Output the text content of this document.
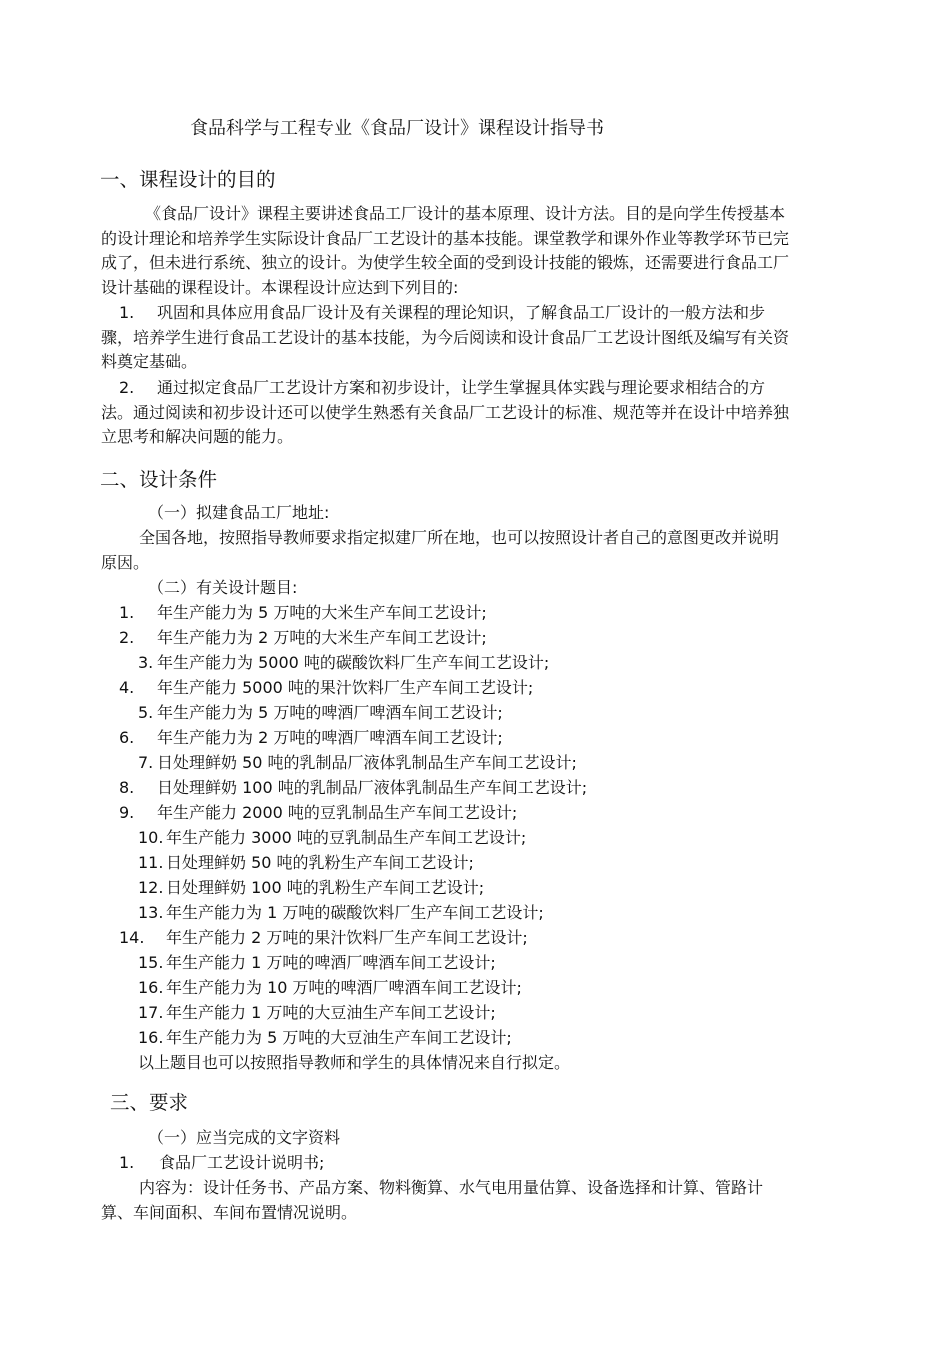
食品科学与工程专业《食品厂设计》课程设计指导书
一、课程设计的目的

《食品厂设计》课程主要讲述食品工厂设计的基本原理、设计方法。目的是向学生传授基本的设计理论和培养学生实际设计食品厂工艺设计的基本技能。课堂教学和课外作业等教学环节已完成了，但未进行系统、独立的设计。为使学生较全面的受到设计技能的锻炼，还需要进行食品工厂设计基础的课程设计。本课程设计应达到下列目的:

1. 巩固和具体应用食品厂设计及有关课程的理论知识，了解食品工厂设计的一般方法和步骤，培养学生进行食品工艺设计的基本技能，为今后阅读和设计食品厂工艺设计图纸及编写有关资料奠定基础。

2. 通过拟定食品厂工艺设计方案和初步设计，让学生掌握具体实践与理论要求相结合的方法。通过阅读和初步设计还可以使学生熟悉有关食品厂工艺设计的标准、规范等并在设计中培养独立思考和解决问题的能力。

二、设计条件

（一）拟建食品工厂地址:

全国各地，按照指导教师要求指定拟建厂所在地，也可以按照设计者自己的意图更改并说明原因。

（二）有关设计题目:

1. 年生产能力为 5 万吨的大米生产车间工艺设计;

2. 年生产能力为 2 万吨的大米生产车间工艺设计;

3. 年生产能力为 5000 吨的碳酸饮料厂生产车间工艺设计;

4. 年生产能力 5000 吨的果汁饮料厂生产车间工艺设计;

5. 年生产能力为 5 万吨的啤酒厂啤酒车间工艺设计;

6. 年生产能力为 2 万吨的啤酒厂啤酒车间工艺设计;

7. 日处理鲜奶 50 吨的乳制品厂液体乳制品生产车间工艺设计;

8. 日处理鲜奶 100 吨的乳制品厂液体乳制品生产车间工艺设计;

9. 年生产能力 2000 吨的豆乳制品生产车间工艺设计;

10. 年生产能力 3000 吨的豆乳制品生产车间工艺设计;

11. 日处理鲜奶 50 吨的乳粉生产车间工艺设计;

12. 日处理鲜奶 100 吨的乳粉生产车间工艺设计;

13. 年生产能力为 1 万吨的碳酸饮料厂生产车间工艺设计;

14. 年生产能力 2 万吨的果汁饮料厂生产车间工艺设计;

15. 年生产能力 1 万吨的啤酒厂啤酒车间工艺设计;

16. 年生产能力为 10 万吨的啤酒厂啤酒车间工艺设计;

17. 年生产能力 1 万吨的大豆油生产车间工艺设计;

16. 年生产能力为 5 万吨的大豆油生产车间工艺设计;

以上题目也可以按照指导教师和学生的具体情况来自行拟定。

三、要求

（一）应当完成的文字资料

1. 食品厂工艺设计说明书;

内容为：设计任务书、产品方案、物料衡算、水气电用量估算、设备选择和计算、管路计算、车间面积、车间布置情况说明。
